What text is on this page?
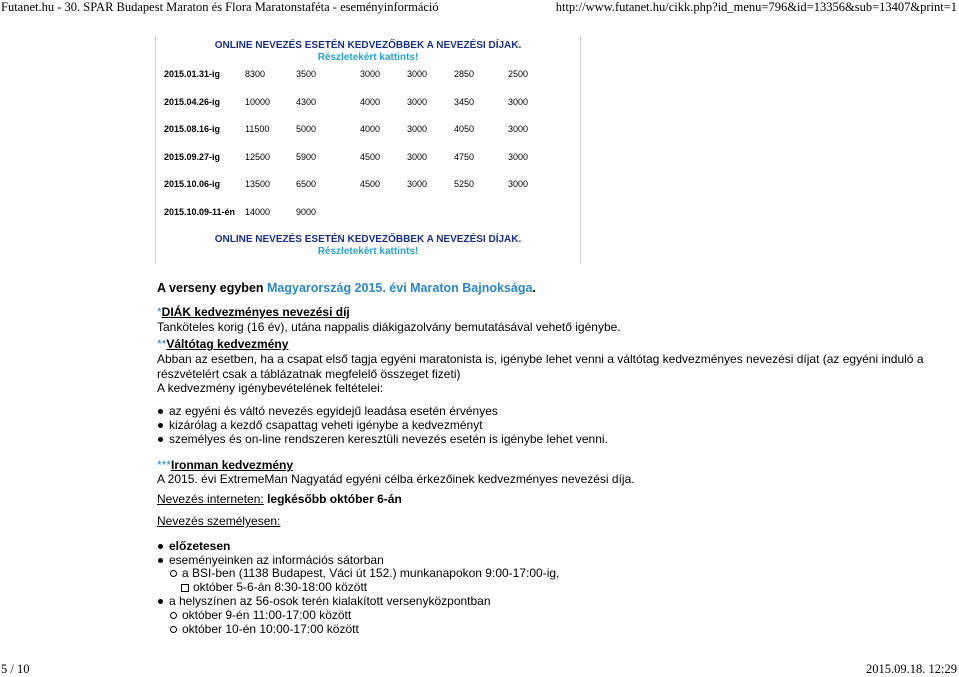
Futanet.hu - 30. SPAR Budapest Maraton és Flora Maratonstaféta - eseményinformáció	http://www.futanet.hu/cikk.php?id_menu=796&id=13356&sub=13407&print=1
ONLINE NEVEZÉS ESETÉN KEDVEZŐBBEK A NEVEZÉSI DÍJAK.
Részletekért kattints!
2015.01.31-ig	8300	3500	3000	3000	2850	2500
2015.04.26-ig	10000	4300	4000	3000	3450	3000
2015.08.16-ig	11500	5000	4000	3000	4050	3000
2015.09.27-ig	12500	5900	4500	3000	4750	3000
2015.10.06-ig	13500	6500	4500	3000	5250	3000
2015.10.09-11-én 14000	9000
ONLINE NEVEZÉS ESETÉN KEDVEZŐBBEK A NEVEZÉSI DÍJAK.
Részletekért kattints!
A verseny egyben Magyarország 2015. évi Maraton Bajnoksága.
*DIÁK kedvezményes nevezési díj
Tanköteles korig (16 év), utána nappalis diákigazolvány bemutatásával vehető igénybe.
**Váltótag kedvezmény
Abban az esetben, ha a csapat első tagja egyéni maratonista is, igénybe lehet venni a váltótag kedvezményes nevezési díjat (az egyéni induló a
részvételért csak a táblázatnak megfelelő összeget fizeti)
A kedvezmény igénybevételének feltételei:
az egyéni és váltó nevezés egyidejű leadása esetén érvényes
kizárólag a kezdő csapattag veheti igénybe a kedvezményt
személyes és on-line rendszeren keresztüli nevezés esetén is igénybe lehet venni.
***Ironman kedvezmény
A 2015. évi ExtremeMan Nagyatád egyéni célba érkezőinek kedvezményes nevezési díja.
Nevezés interneten: legkésőbb október 6-án
Nevezés személyesen:
előzetesen
eseményeinken az információs sátorban
a BSI-ben (1138 Budapest, Váci út 152.) munkanapokon 9:00-17:00-ig,
október 5-6-án 8:30-18:00 között
a helyszínen az 56-osok terén kialakított versenyközpontban
október 9-én 11:00-17:00 között
október 10-én 10:00-17:00 között
5 / 10	2015.09.18. 12:29
